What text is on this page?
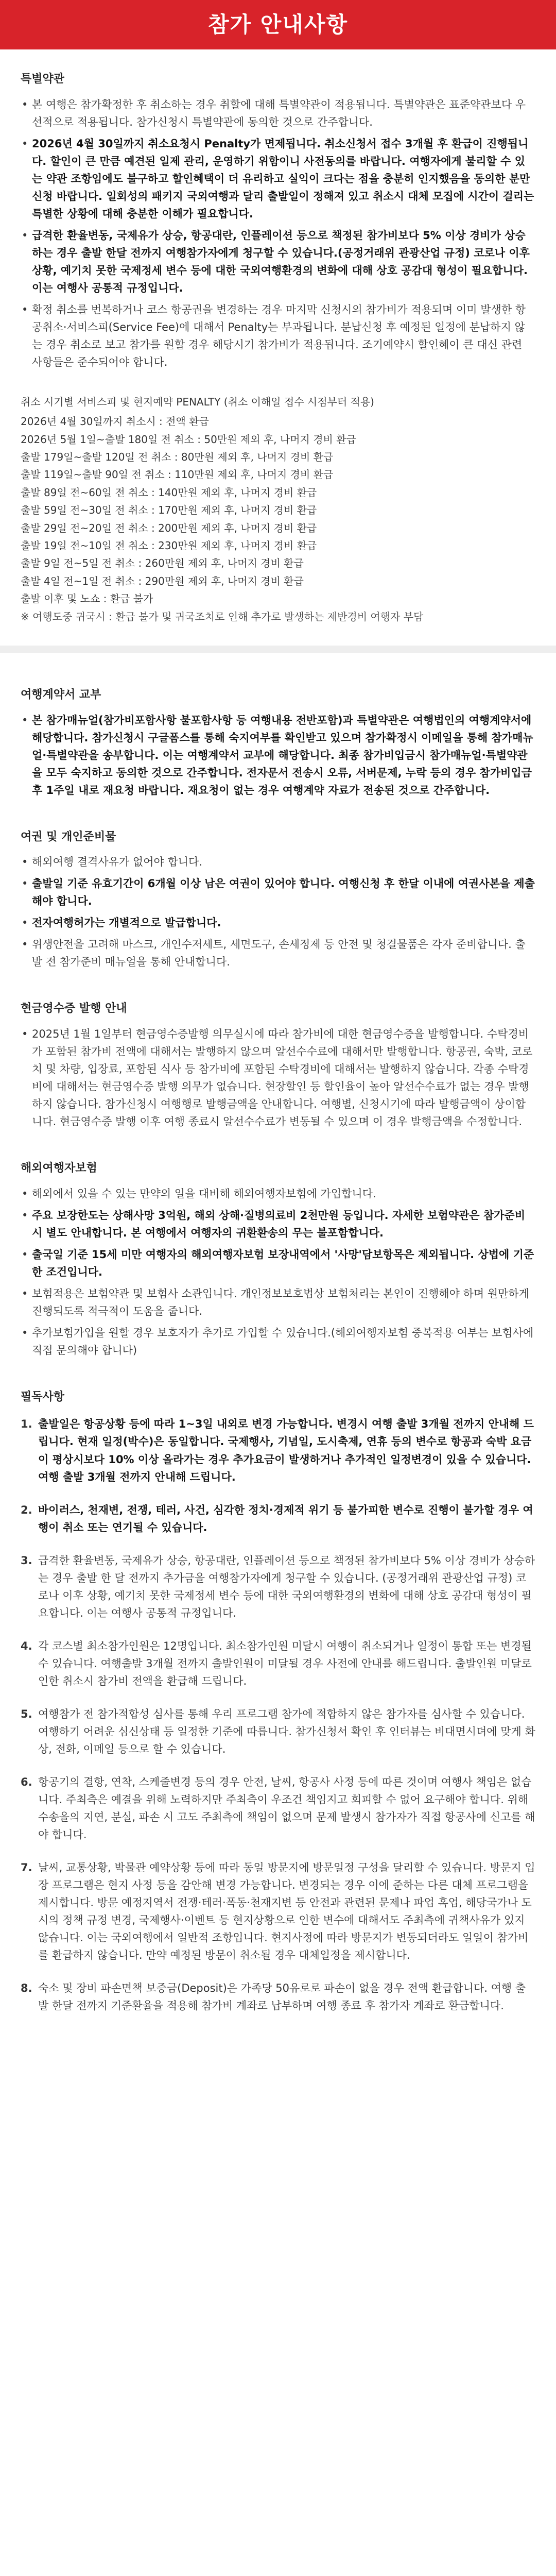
참가 안내사항
특별약관
• 본 여행은 참가확정한 후 취소하는 경우 취할에 대해 특별약관이 적용됩니다. 특별약관은 표준약관보다 우선적으로 적용됩니다. 참가신청시 특별약관에 동의한 것으로 간주합니다.
• 2026년 4월 30일까지 취소요청시 Penalty가 면제됩니다. 취소신청서 접수 3개월 후 환급이 진행됩니다. 할인이 큰 만큼 예견된 일제 관리, 운영하기 위함이니 사전동의를 바랍니다. 여행자에게 불리할 수 있는 약관 조항임에도 불구하고 할인혜택이 더 유리하고 실익이 크다는 점을 충분히 인지했음을 동의한 분만 신청 바랍니다. 일회성의 패키지 국외여행과 달리 출발일이 정해져 있고 취소시 대체 모집에 시간이 걸리는 특별한 상황에 대해 충분한 이해가 필요합니다.
• 급격한 환율변동, 국제유가 상승, 항공대란, 인플레이션 등으로 책정된 참가비보다 5% 이상 경비가 상승하는 경우 출발 한달 전까지 여행참가자에게 청구할 수 있습니다.(공정거래위 관광산업 규정) 코로나 이후 상황, 예기치 못한 국제정세 변수 등에 대한 국외여행환경의 변화에 대해 상호 공감대 형성이 필요합니다. 이는 여행사 공통적 규정입니다.
• 확정 취소를 번복하거나 코스 항공권을 변경하는 경우 마지막 신청시의 참가비가 적용되며 이미 발생한 항공취소·서비스피(Service Fee)에 대해서 Penalty는 부과됩니다. 분납신청 후 예정된 일정에 분납하지 않는 경우 취소로 보고 참가를 원할 경우 해당시기 참가비가 적용됩니다. 조기예약시 할인혜이 큰 대신 관련 사항들은 준수되어야 합니다.
취소 시기별 서비스피 및 현지예약 PENALTY (취소 이해일 접수 시점부터 적용)
2026년 4월 30일까지 취소시 : 전액 환급
2026년 5월 1일~출발 180일 전 취소 : 50만원 제외 후, 나머지 경비 환급
출발 179일~출발 120일 전 취소 : 80만원 제외 후, 나머지 경비 환급
출발 119일~출발 90일 전 취소 : 110만원 제외 후, 나머지 경비 환급
출발 89일 전~60일 전 취소 : 140만원 제외 후, 나머지 경비 환급
출발 59일 전~30일 전 취소 : 170만원 제외 후, 나머지 경비 환급
출발 29일 전~20일 전 취소 : 200만원 제외 후, 나머지 경비 환급
출발 19일 전~10일 전 취소 : 230만원 제외 후, 나머지 경비 환급
출발 9일 전~5일 전 취소 : 260만원 제외 후, 나머지 경비 환급
출발 4일 전~1일 전 취소 : 290만원 제외 후, 나머지 경비 환급
출발 이후 및 노쇼 : 환급 불가
※ 여행도중 귀국시 : 환급 불가 및 귀국조치로 인해 추가로 발생하는 제반경비 여행자 부담
여행계약서 교부
• 본 참가매뉴얼(참가비포함사항 불포함사항 등 여행내용 전반포함)과 특별약관은 여행법인의 여행계약서에 해당합니다. 참가신청시 구글폼스를 통해 숙지여부를 확인받고 있으며 참가확정시 이메일을 통해 참가매뉴얼·특별약관을 송부합니다. 이는 여행계약서 교부에 해당합니다. 최종 참가비입금시 참가매뉴얼·특별약관을 모두 숙지하고 동의한 것으로 간주합니다. 전자문서 전송시 오류, 서버문제, 누락 등의 경우 참가비입금 후 1주일 내로 재요청 바랍니다. 재요청이 없는 경우 여행계약 자료가 전송된 것으로 간주합니다.
여권 및 개인준비물
• 해외여행 결격사유가 없어야 합니다.
• 출발일 기준 유효기간이 6개월 이상 남은 여권이 있어야 합니다. 여행신청 후 한달 이내에 여권사본을 제출해야 합니다.
• 전자여행허가는 개별적으로 발급합니다.
• 위생안전을 고려해 마스크, 개인수저세트, 세면도구, 손세정제 등 안전 및 청결물품은 각자 준비합니다. 출발 전 참가준비 매뉴얼을 통해 안내합니다.
현금영수증 발행 안내
• 2025년 1월 1일부터 현금영수증발행 의무실시에 따라 참가비에 대한 현금영수증을 발행합니다. 수탁경비가 포함된 참가비 전액에 대해서는 발행하지 않으며 알선수수료에 대해서만 발행합니다. 항공권, 숙박, 코로치 및 차량, 입장료, 포함된 식사 등 참가비에 포함된 수탁경비에 대해서는 발행하지 않습니다. 각종 수탁경비에 대해서는 현금영수증 발행 의무가 없습니다. 현장할인 등 할인율이 높아 알선수수료가 없는 경우 발행하지 않습니다. 참가신청시 여행행로 발행금액을 안내합니다. 여행별, 신청시기에 따라 발행금액이 상이합니다. 현금영수증 발행 이후 여행 종료시 알선수수료가 변동될 수 있으며 이 경우 발행금액을 수정합니다.
해외여행자보험
• 해외에서 있을 수 있는 만약의 일을 대비해 해외여행자보험에 가입합니다.
• 주요 보장한도는 상해사망 3억원, 해외 상해·질병의료비 2천만원 등입니다. 자세한 보험약관은 참가준비 시 별도 안내합니다. 본 여행에서 여행자의 귀환환송의 무는 불포함합니다.
• 출국일 기준 15세 미만 여행자의 해외여행자보험 보장내역에서 '사망'담보항목은 제외됩니다. 상법에 기준한 조건입니다.
• 보험적용은 보험약관 및 보험사 소관입니다. 개인정보보호법상 보험처리는 본인이 진행해야 하며 원만하게 진행되도록 적극적이 도움을 줍니다.
• 추가보험가입을 원할 경우 보호자가 추가로 가입할 수 있습니다.(해외여행자보험 중복적용 여부는 보험사에 직접 문의해야 합니다)
필독사항
1. 출발일은 항공상황 등에 따라 1~3일 내외로 변경 가능합니다. 변경시 여행 출발 3개월 전까지 안내해 드립니다. 현재 일정(박수)은 동일합니다. 국제행사, 기념일, 도시축제, 연휴 등의 변수로 항공과 숙박 요금이 평상시보다 10% 이상 올라가는 경우 추가요금이 발생하거나 추가적인 일정변경이 있을 수 있습니다. 여행 출발 3개월 전까지 안내해 드립니다.
2. 바이러스, 천재변, 전쟁, 테러, 사건, 심각한 정치·경제적 위기 등 불가피한 변수로 진행이 불가할 경우 여행이 취소 또는 연기될 수 있습니다.
3. 급격한 환율변동, 국제유가 상승, 항공대란, 인플레이션 등으로 책정된 참가비보다 5% 이상 경비가 상승하는 경우 출발 한 달 전까지 추가금을 여행참가자에게 청구할 수 있습니다. (공정거래위 관광산업 규정) 코로나 이후 상황, 예기치 못한 국제정세 변수 등에 대한 국외여행환경의 변화에 대해 상호 공감대 형성이 필요합니다. 이는 여행사 공통적 규정입니다.
4. 각 코스별 최소참가인원은 12명입니다. 최소참가인원 미달시 여행이 취소되거나 일정이 통합 또는 변경될 수 있습니다. 여행출발 3개월 전까지 출발인원이 미달될 경우 사전에 안내를 해드립니다. 출발인원 미달로 인한 취소시 참가비 전액을 환급해 드립니다.
5. 여행참가 전 참가적합성 심사를 통해 우리 프로그램 참가에 적합하지 않은 참가자를 심사할 수 있습니다. 여행하기 어려운 심신상태 등 일정한 기준에 따릅니다. 참가신청서 확인 후 인터뷰는 비대면시뎌에 맞게 화상, 전화, 이메일 등으로 할 수 있습니다.
6. 항공기의 결항, 연착, 스케줄변경 등의 경우 안전, 날씨, 항공사 사정 등에 따른 것이며 여행사 책임은 없습니다. 주최측은 예결을 위해 노력하지만 주최측이 우조건 책임지고 회피할 수 없어 요구해야 합니다. 위해 수송을의 지연, 분실, 파손 시 고도 주최측에 책임이 없으며 문제 발생시 참가자가 직접 항공사에 신고를 해야 합니다.
7. 날씨, 교통상황, 박물관 예약상황 등에 따라 동일 방문지에 방문일정 구성을 달리할 수 있습니다. 방문지 입장 프로그램은 현지 사정 등을 감안해 변경 가능합니다. 변경되는 경우 이에 준하는 다른 대체 프로그램을 제시합니다. 방문 예정지역서 전쟁·테러·폭동·천재지변 등 안전과 관련된 문제나 파업 혹업, 해당국가나 도시의 정책 규정 변경, 국제행사·이벤트 등 현지상황으로 인한 변수에 대해서도 주최측에 귀책사유가 있지 않습니다. 이는 국외여행에서 일반적 조항입니다. 현지사정에 따라 방문지가 변동되더라도 일일이 참가비를 환급하지 않습니다. 만약 예정된 방문이 취소될 경우 대체일정을 제시합니다.
8. 숙소 및 장비 파손면책 보증금(Deposit)은 가족당 50유로로 파손이 없을 경우 전액 환급합니다. 여행 출발 한달 전까지 기준환율을 적용해 참가비 계좌로 납부하며 여행 종료 후 참가자 계좌로 환급합니다.
